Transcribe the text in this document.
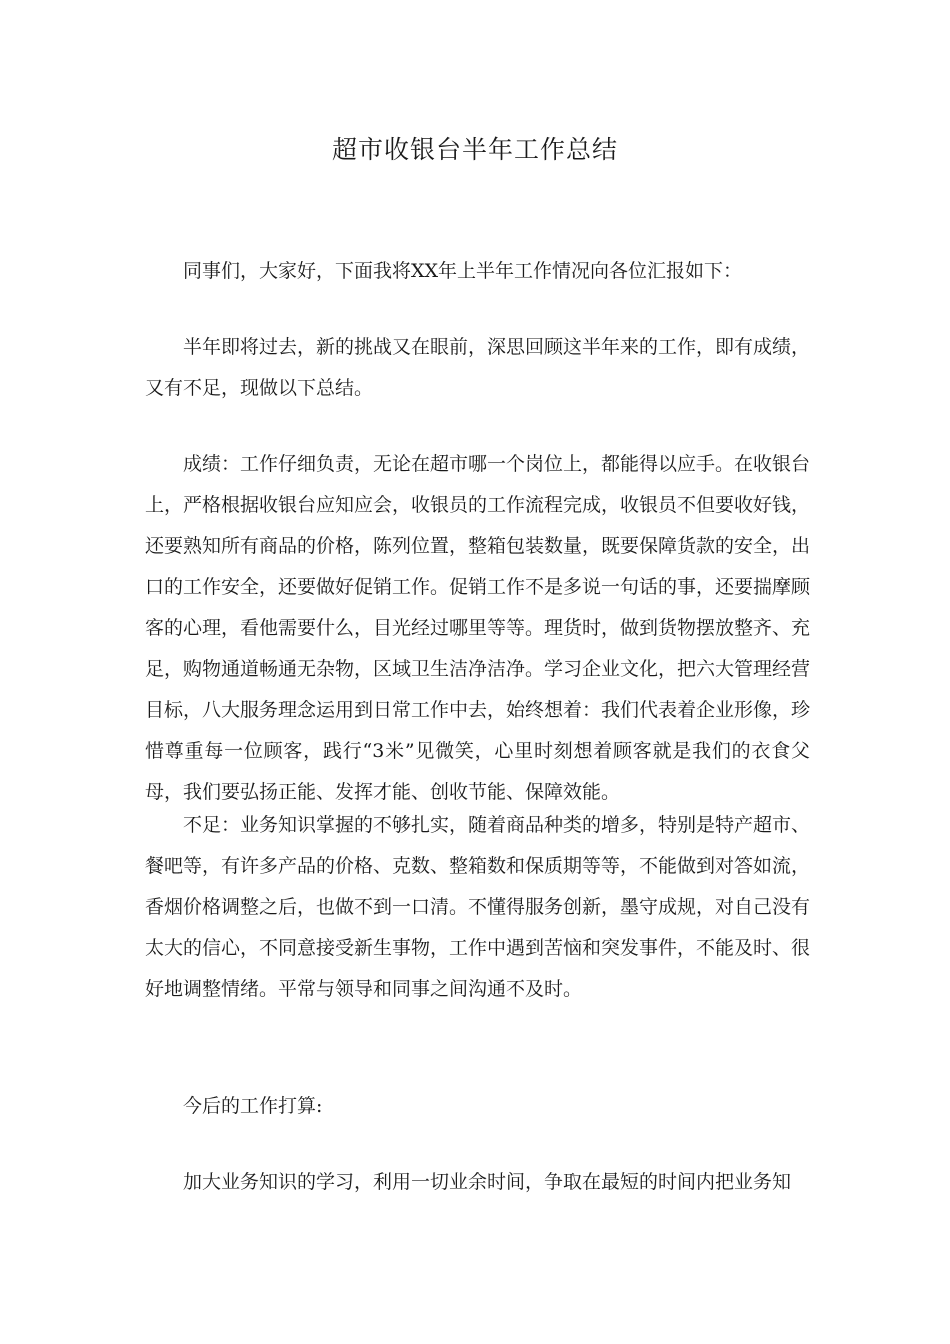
超市收银台半年工作总结

同事们，大家好，下面我将XX年上半年工作情况向各位汇报如下：

半年即将过去，新的挑战又在眼前，深思回顾这半年来的工作，即有成绩，又有不足，现做以下总结。

成绩：工作仔细负责，无论在超市哪一个岗位上，都能得以应手。在收银台上，严格根据收银台应知应会，收银员的工作流程完成，收银员不但要收好钱，还要熟知所有商品的价格，陈列位置，整箱包装数量，既要保障货款的安全，出口的工作安全，还要做好促销工作。促销工作不是多说一句话的事，还要揣摩顾客的心理，看他需要什么，目光经过哪里等等。理货时，做到货物摆放整齐、充足，购物通道畅通无杂物，区域卫生洁净洁净。学习企业文化，把六大管理经营目标，八大服务理念运用到日常工作中去，始终想着：我们代表着企业形像，珍惜尊重每一位顾客，践行“3米”见微笑，心里时刻想着顾客就是我们的衣食父母，我们要弘扬正能、发挥才能、创收节能、保障效能。

不足：业务知识掌握的不够扎实，随着商品种类的增多，特别是特产超市、餐吧等，有许多产品的价格、克数、整箱数和保质期等等，不能做到对答如流，香烟价格调整之后，也做不到一口清。不懂得服务创新，墨守成规，对自己没有太大的信心，不同意接受新生事物，工作中遇到苦恼和突发事件，不能及时、很好地调整情绪。平常与领导和同事之间沟通不及时。

今后的工作打算:

加大业务知识的学习，利用一切业余时间，争取在最短的时间内把业务知
